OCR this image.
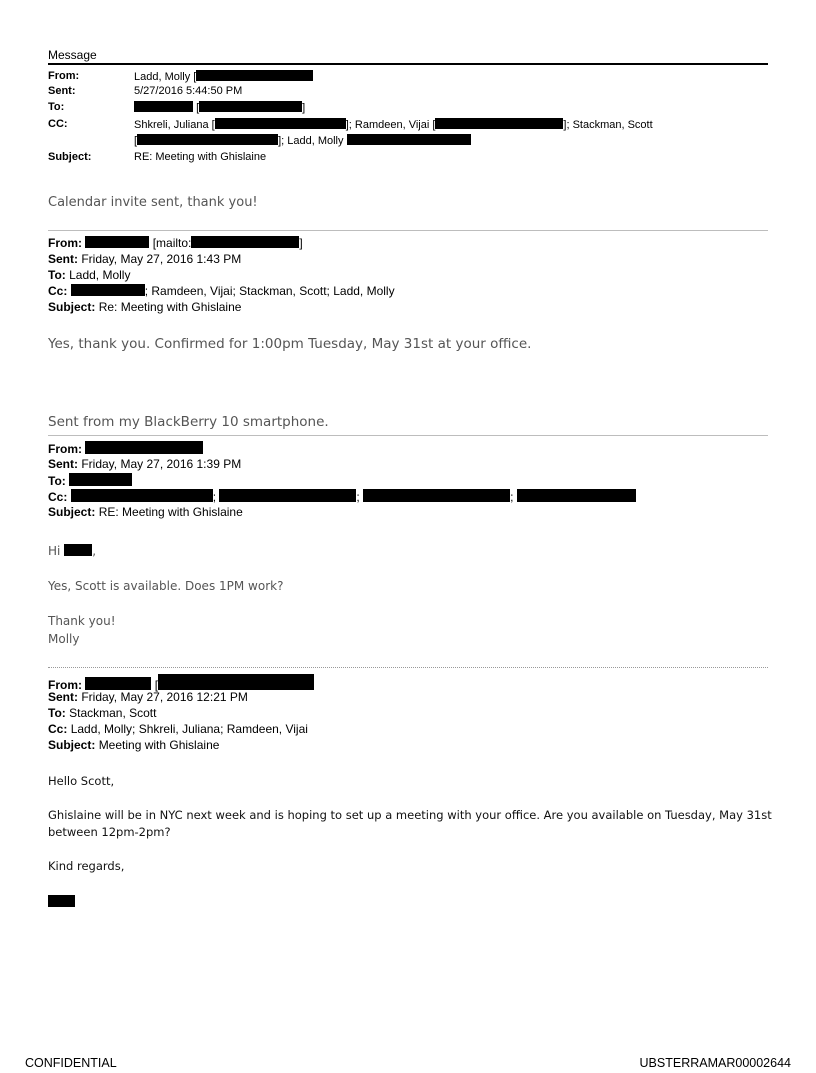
Message
From:	Ladd, Molly [
Sent:	5/27/2016 5:44:50 PM
To:	[	]
CC:	Shkreli, Juliana [	]; Ramdeen, Vijai [	]; Stackman, Scott
[	]; Ladd, Molly
Subject:	RE: Meeting with Ghislaine
Calendar invite sent, thank you!
From:	[mailto:	]
Sent: Friday, May 27, 2016 1:43 PM
To: Ladd, Molly
Cc:	; Ramdeen, Vijai; Stackman, Scott; Ladd, Molly
Subject: Re: Meeting with Ghislaine
Yes, thank you. Confirmed for 1:00pm Tuesday, May 31st at your office.
Sent from my BlackBerry 10 smartphone.
From:
Sent: Friday, May 27, 2016 1:39 PM
To:
Cc:	;	;	;
Subject: RE: Meeting with Ghislaine
Hi	,
Yes, Scott is available. Does 1PM work?
Thank you!
Molly
From:	[
Sent: Friday, May 27, 2016 12:21 PM
To: Stackman, Scott
Cc: Ladd, Molly; Shkreli, Juliana; Ramdeen, Vijai
Subject: Meeting with Ghislaine
Hello Scott,
Ghislaine will be in NYC next week and is hoping to set up a meeting with your office. Are you available on Tuesday, May 31st
between 12pm-2pm?
Kind regards,
CONFIDENTIAL	UBSTERRAMAR00002644
